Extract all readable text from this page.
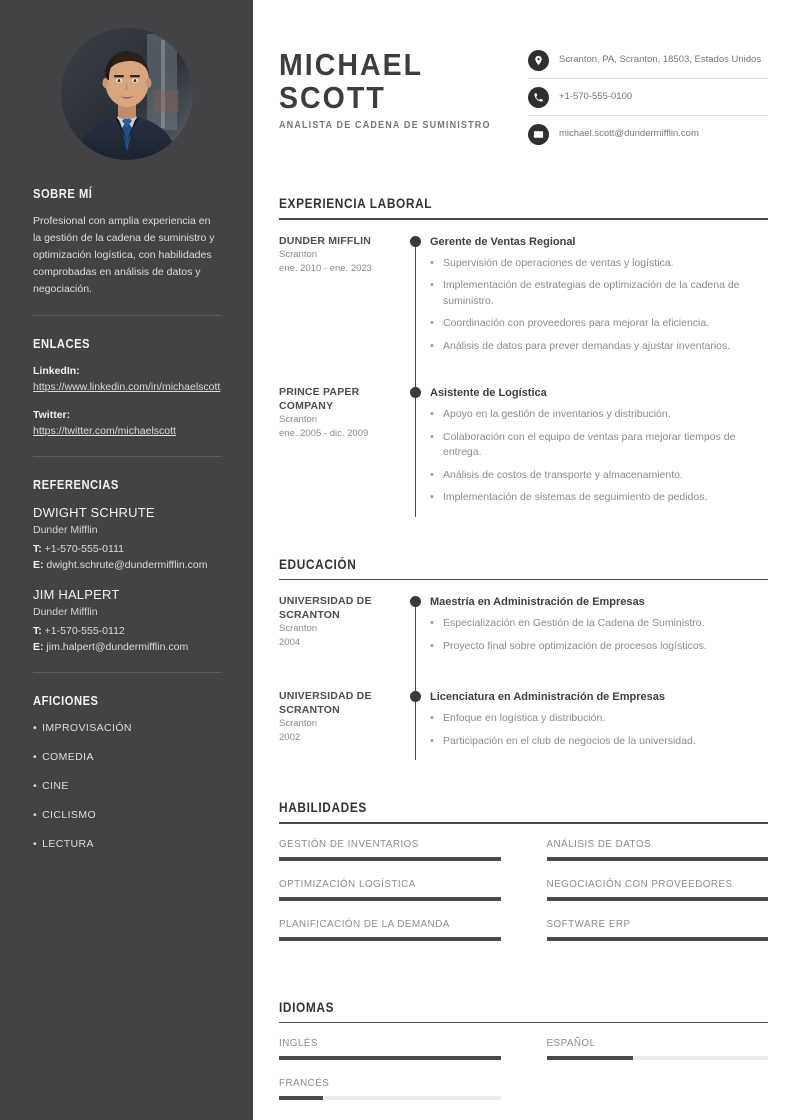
SOBRE MÍ

Profesional con amplia experiencia en la gestión de la cadena de suministro y optimización logística, con habilidades comprobadas en análisis de datos y negociación.

ENLACES
LinkedIn:
https://www.linkedin.com/in/michaelscott
Twitter:
https://twitter.com/michaelscott
REFERENCIAS
DWIGHT SCHRUTE
Dunder Mifflin
T: +1-570-555-0111
E: dwight.schrute@dundermifflin.com
JIM HALPERT
Dunder Mifflin
T: +1-570-555-0112
E: jim.halpert@dundermifflin.com
AFICIONES
• IMPROVISACIÓN
• COMEDIA
• CINE
• CICLISMO
• LECTURA
MICHAEL
SCOTT
ANALISTA DE CADENA DE SUMINISTRO
Scranton, PA, Scranton, 18503, Estados Unidos
+1-570-555-0100
michael.scott@dundermifflin.com
EXPERIENCIA LABORAL
DUNDER MIFFLIN
Scranton
ene. 2010 - ene. 2023
Gerente de Ventas Regional
• Supervisión de operaciones de ventas y logística.
• Implementación de estrategias de optimización de la cadena de suministro.
• Coordinación con proveedores para mejorar la eficiencia.
• Análisis de datos para prever demandas y ajustar inventarios.
PRINCE PAPER COMPANY
Scranton
ene. 2005 - dic. 2009
Asistente de Logística
• Apoyo en la gestión de inventarios y distribución.
• Colaboración con el equipo de ventas para mejorar tiempos de entrega.
• Análisis de costos de transporte y almacenamiento.
• Implementación de sistemas de seguimiento de pedidos.
EDUCACIÓN
UNIVERSIDAD DE SCRANTON
Scranton
2004
Maestría en Administración de Empresas
• Especialización en Gestión de la Cadena de Suministro.
• Proyecto final sobre optimización de procesos logísticos.
UNIVERSIDAD DE SCRANTON
Scranton
2002
Licenciatura en Administración de Empresas
• Enfoque en logística y distribución.
• Participación en el club de negocios de la universidad.
HABILIDADES
GESTIÓN DE INVENTARIOS	ANÁLISIS DE DATOS
OPTIMIZACIÓN LOGÍSTICA	NEGOCIACIÓN CON PROVEEDORES
PLANIFICACIÓN DE LA DEMANDA	SOFTWARE ERP
IDIOMAS
INGLÉS	ESPAÑOL
FRANCÉS
